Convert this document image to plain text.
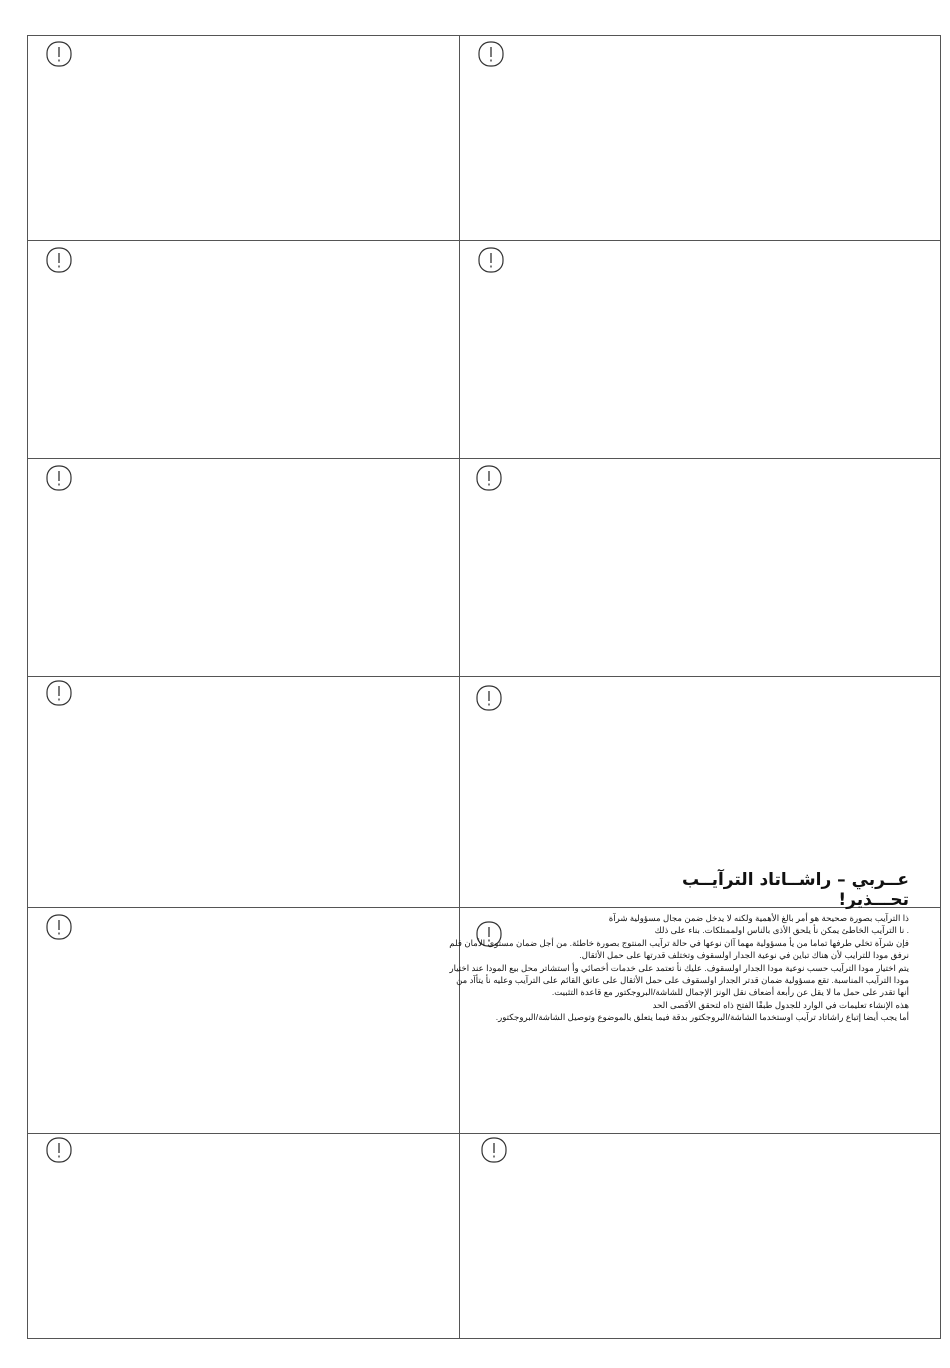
عــربي – راشــاتاد الترآيــب
تحـــذير!

ذا الترآيب بصورة صحيحة هو أمر بالغ الأهمية ولكنه لا يدخل ضمن مجال مسؤولية شرآة

. نا الترآيب الخاطئ يمكن نأ يلحق الأذى بالناس اولممتلكات. بناء على ذلك

فإن شرآة تخلي طرفها تماما من يأ مسؤولية مهما آان نوعها في حالة ترآيب المنتوج بصورة خاطئة. من أجل ضمان مستوى الأمان فلم نرفق مودا للترايب لأن هناك تباين في نوعية الجدار اولسقوف وتختلف قدرتها على حمل الأثقال.

يتم اختيار مودا الترآيب حسب نوعية مودا الجدار اولسقوف. عليك نأ تعتمد على خدمات أخصائي وأ استشاتر محل بيع المودا عند اختيار مودا الترآيب المناسبة. تقع مسؤولية ضمان قدتر الجدار اولسقوف على حمل الأثقال على عاتق القائم على الترآيب وعليه نأ يتأآد من أنها تقدر على حمل ما لا يقل عن رأبعة أضعاف نقل الونز الإجمال للشاشة/البروجكتور مع قاعدة التثبيت.

هذه الإنشاء تعليمات في الوارد للجدول طبقًا الفتح ذاه لتحقق الأقصى الحد

أما يجب أيضا إتباع راشاتاد ترآيب اوستخدما الشاشة/البروجكتور بدقة فيما يتعلق بالموضوع وتوصيل الشاشة/البروجكتور.
